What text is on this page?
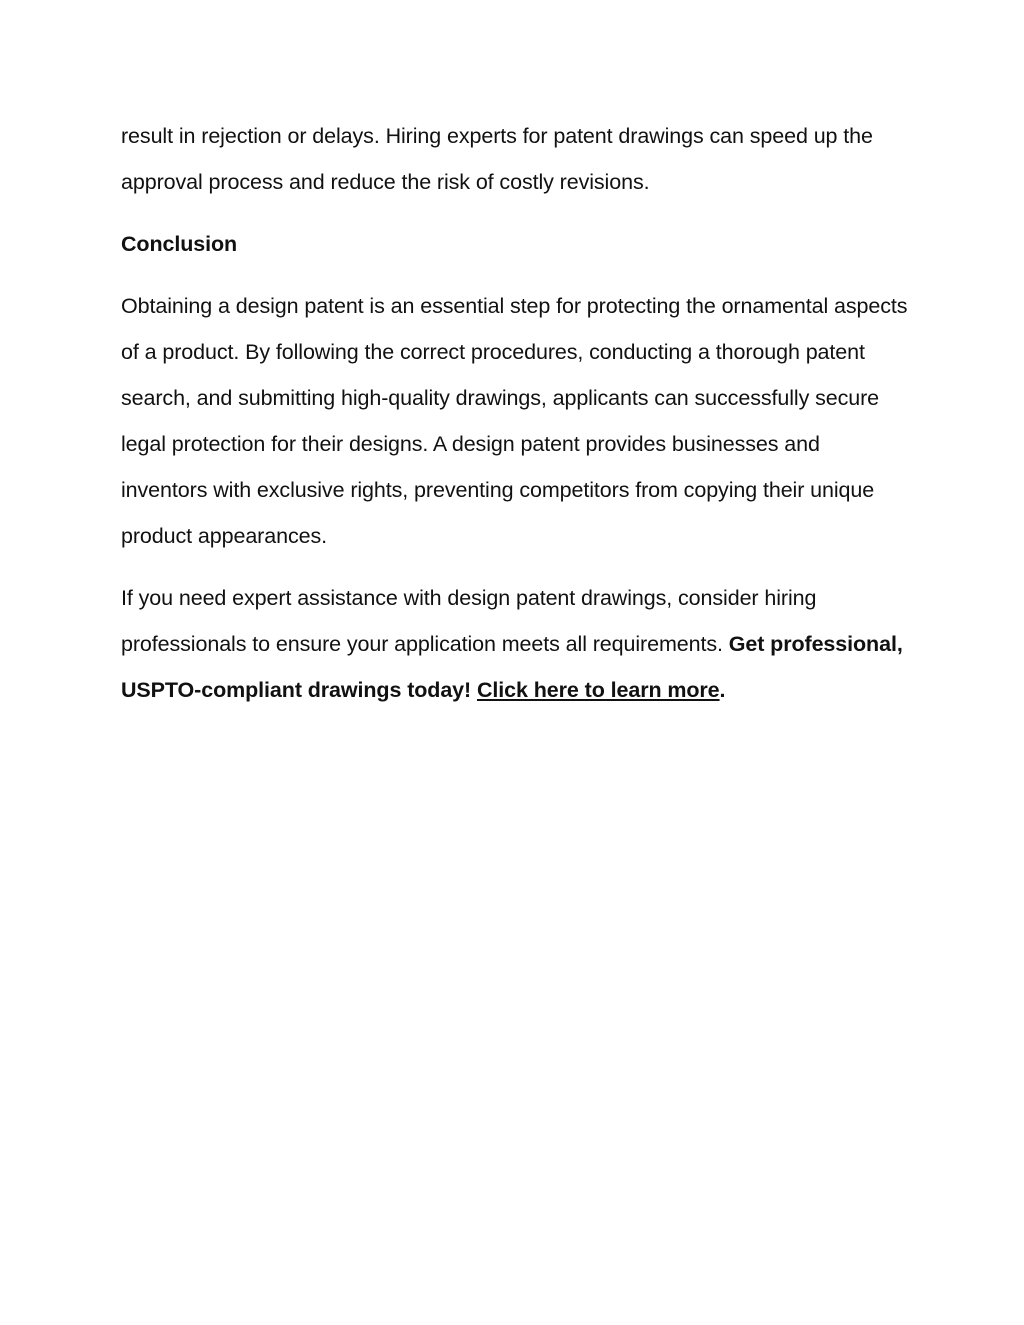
result in rejection or delays. Hiring experts for patent drawings can speed up the approval process and reduce the risk of costly revisions.

Conclusion

Obtaining a design patent is an essential step for protecting the ornamental aspects of a product. By following the correct procedures, conducting a thorough patent search, and submitting high-quality drawings, applicants can successfully secure legal protection for their designs. A design patent provides businesses and inventors with exclusive rights, preventing competitors from copying their unique product appearances.

If you need expert assistance with design patent drawings, consider hiring professionals to ensure your application meets all requirements. Get professional, USPTO-compliant drawings today! Click here to learn more.
